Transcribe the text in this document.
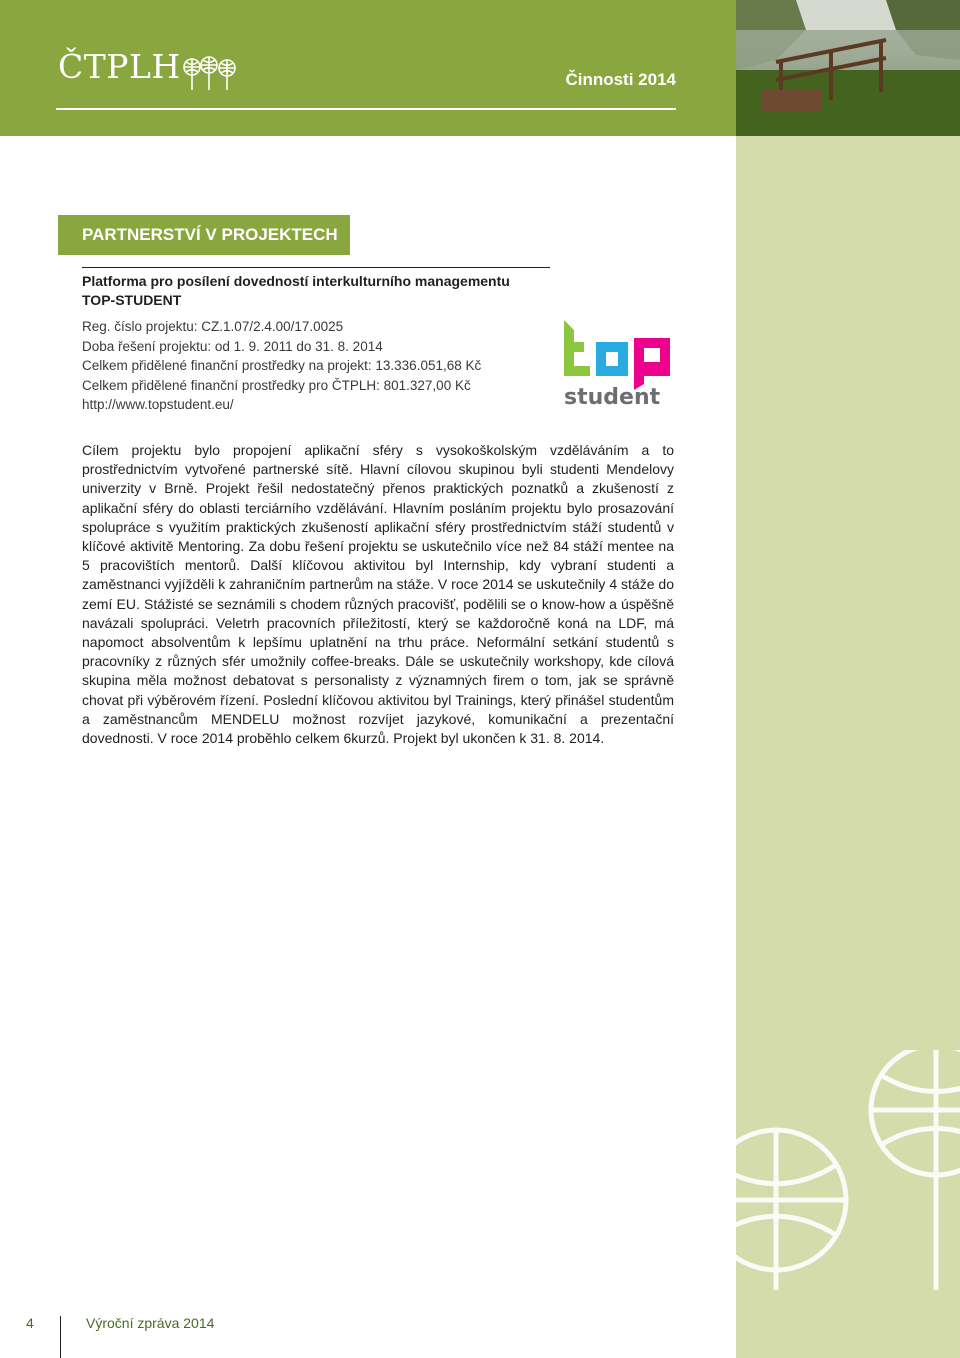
ČTPLH	Činnosti 2014
PARTNERSTVÍ V PROJEKTECH
Platforma pro posílení dovedností interkulturního managementu
TOP-STUDENT
Reg. číslo projektu: CZ.1.07/2.4.00/17.0025
Doba řešení projektu: od 1. 9. 2011 do 31. 8. 2014
Celkem přidělené finanční prostředky na projekt: 13.336.051,68 Kč
Celkem přidělené finanční prostředky pro ČTPLH: 801.327,00 Kč
http://www.topstudent.eu/	student
Cílem projektu bylo propojení aplikační sféry s vysokoškolským vzděláváním a to prostřednictvím vytvořené partnerské sítě. Hlavní cílovou skupinou byli studenti Mendelovy univerzity v Brně. Projekt řešil nedostatečný přenos praktických poznatků a zkušeností z aplikační sféry do oblasti terciárního vzdělávání. Hlavním posláním projektu bylo prosazování spolupráce s využitím praktických zkušeností aplikační sféry prostřednictvím stáží studentů v klíčové aktivitě Mentoring. Za dobu řešení projektu se uskutečnilo více než 84 stáží mentee na 5 pracovištích mentorů. Další klíčovou aktivitou byl Internship, kdy vybraní studenti a zaměstnanci vyjížděli k zahraničním partnerům na stáže. V roce 2014 se uskutečnily 4 stáže do zemí EU. Stážisté se seznámili s chodem různých pracovišť, podělili se o know-how a úspěšně navázali spolupráci. Veletrh pracovních příležitostí, který se každoročně koná na LDF, má napomoct absolventům k lepšímu uplatnění na trhu práce. Neformální setkání studentů s pracovníky z různých sfér umožnily coffee-breaks. Dále se uskutečnily workshopy, kde cílová skupina měla možnost debatovat s personalisty z významných firem o tom, jak se správně chovat při výběrovém řízení. Poslední klíčovou aktivitou byl Trainings, který přinášel studentům a zaměstnancům MENDELU možnost rozvíjet jazykové, komunikační a prezentační dovednosti. V roce 2014 proběhlo celkem 6kurzů. Projekt byl ukončen k 31. 8. 2014.
4	Výroční zpráva 2014
